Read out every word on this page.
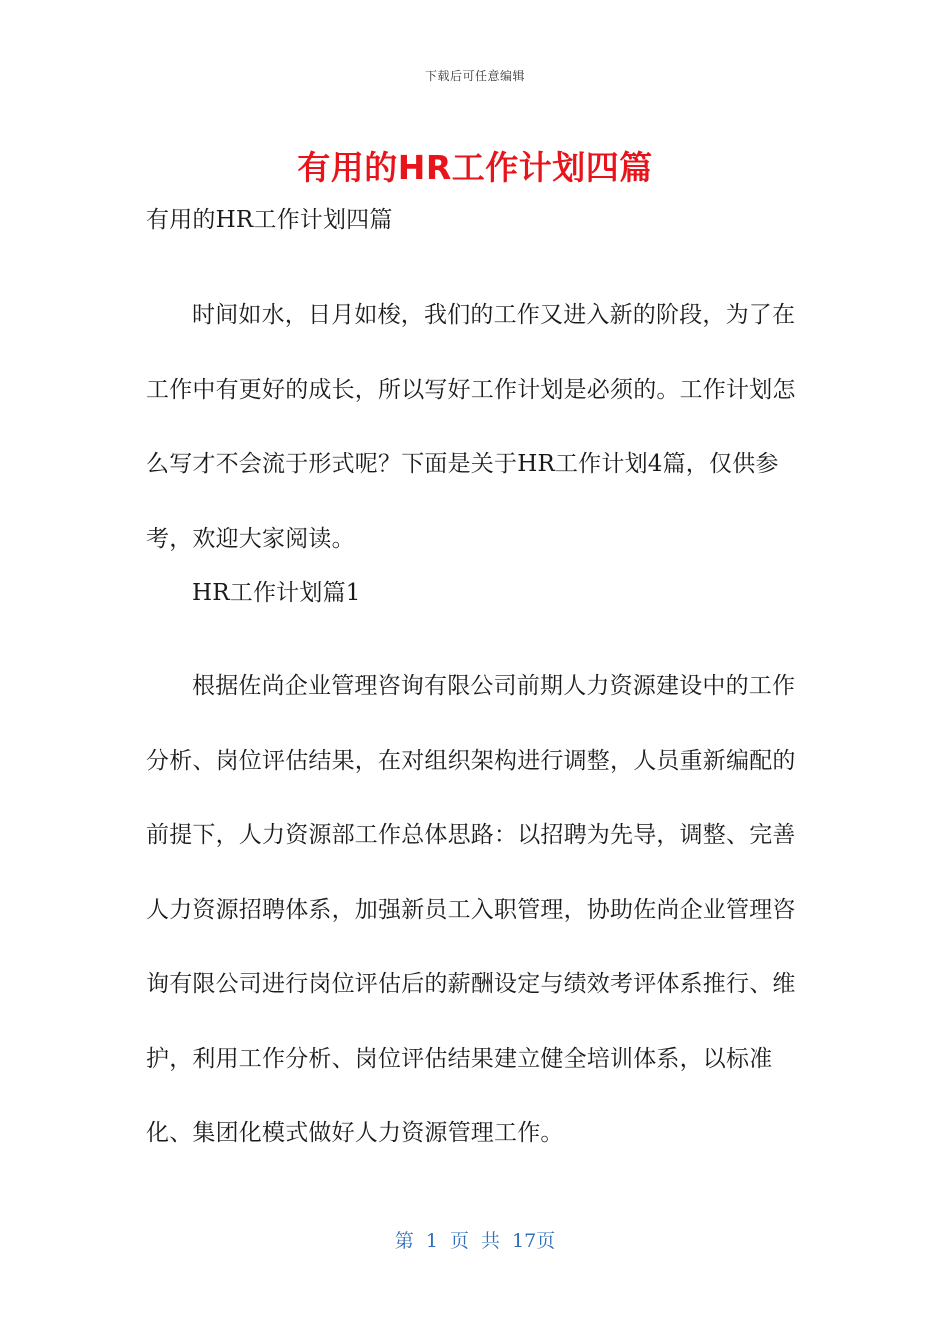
下载后可任意编辑
有用的HR工作计划四篇

有用的HR工作计划四篇

时间如水，日月如梭，我们的工作又进入新的阶段，为了在工作中有更好的成长，所以写好工作计划是必须的。工作计划怎么写才不会流于形式呢？下面是关于HR工作计划4篇，仅供参考，欢迎大家阅读。

HR工作计划篇1

根据佐尚企业管理咨询有限公司前期人力资源建设中的工作分析、岗位评估结果，在对组织架构进行调整，人员重新编配的前提下，人力资源部工作总体思路：以招聘为先导，调整、完善人力资源招聘体系，加强新员工入职管理，协助佐尚企业管理咨询有限公司进行岗位评估后的薪酬设定与绩效考评体系推行、维护，利用工作分析、岗位评估结果建立健全培训体系，以标准化、集团化模式做好人力资源管理工作。

第 1 页 共 17页
